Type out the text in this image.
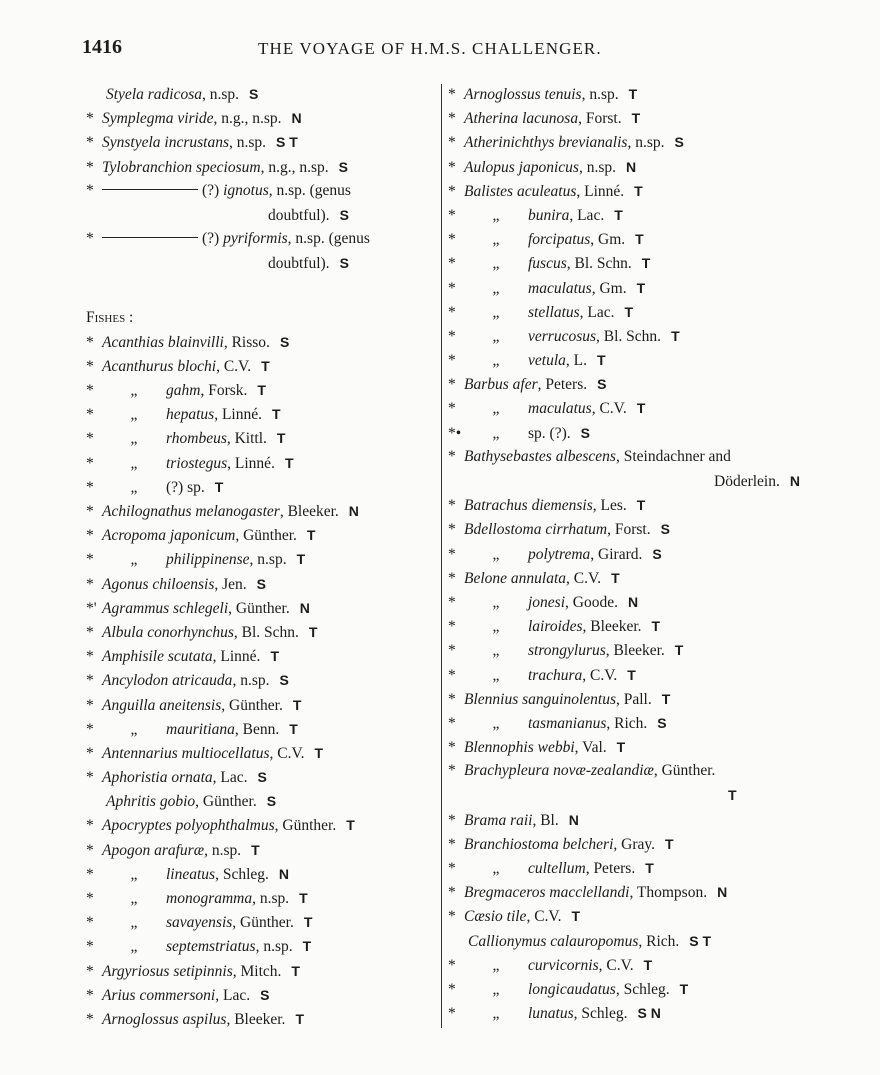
1416	THE VOYAGE OF H.M.S. CHALLENGER.
Styela radicosa, n.sp. S
* Symplegma viride, n.g., n.sp. N
* Synstyela incrustans, n.sp. S T
* Tylobranchion speciosum, n.g., n.sp. S
*	(?) ignotus, n.sp. (genus
doubtful). S
*	(?) pyriformis, n.sp. (genus
doubtful). S
Fishes :
* Acanthias blainvilli, Risso. S
* Acanthurus blochi, C.V. T
* „ gahm, Forsk. T
* „ hepatus, Linné. T
* „ rhombeus, Kittl. T
* „ triostegus, Linné. T
* „ (?) sp. T
* Achilognathus melanogaster, Bleeker. N
* Acropoma japonicum, Günther. T
* „ philippinense, n.sp. T
* Agonus chiloensis, Jen. S
*' Agrammus schlegeli, Günther. N
* Albula conorhynchus, Bl. Schn. T
* Amphisile scutata, Linné. T
* Ancylodon atricauda, n.sp. S
* Anguilla aneitensis, Günther. T
* „ mauritiana, Benn. T
* Antennarius multiocellatus, C.V. T
* Aphoristia ornata, Lac. S
Aphritis gobio, Günther. S
* Apocryptes polyophthalmus, Günther. T
* Apogon arafuræ, n.sp. T
* „ lineatus, Schleg. N
* „ monogramma, n.sp. T
* „ savayensis, Günther. T
* „ septemstriatus, n.sp. T
* Argyriosus setipinnis, Mitch. T
* Arius commersoni, Lac. S
* Arnoglossus aspilus, Bleeker. T
* Arnoglossus tenuis, n.sp. T
* Atherina lacunosa, Forst. T
* Atherinichthys brevianalis, n.sp. S
* Aulopus japonicus, n.sp. N
* Balistes aculeatus, Linné. T
* „ bunira, Lac. T
* „ forcipatus, Gm. T
* „ fuscus, Bl. Schn. T
* „ maculatus, Gm. T
* „ stellatus, Lac. T
* „ verrucosus, Bl. Schn. T
* „ vetula, L. T
* Barbus afer, Peters. S
* „ maculatus, C.V. T
*• „ sp. (?). S
* Bathysebastes albescens, Steindachner and
Döderlein. N
* Batrachus diemensis, Les. T
* Bdellostoma cirrhatum, Forst. S
* „ polytrema, Girard. S
* Belone annulata, C.V. T
* „ jonesi, Goode. N
* „ lairoides, Bleeker. T
* „ strongylurus, Bleeker. T
* „ trachura, C.V. T
* Blennius sanguinolentus, Pall. T
* „ tasmanianus, Rich. S
* Blennophis webbi, Val. T
* Brachypleura novæ-zealandiæ, Günther.
T
* Brama raii, Bl. N
* Branchiostoma belcheri, Gray. T
* „ cultellum, Peters. T
* Bregmaceros macclellandi, Thompson. N
* Cæsio tile, C.V. T
Callionymus calauropomus, Rich. S T
* „ curvicornis, C.V. T
* „ longicaudatus, Schleg. T
* „ lunatus, Schleg. S N
